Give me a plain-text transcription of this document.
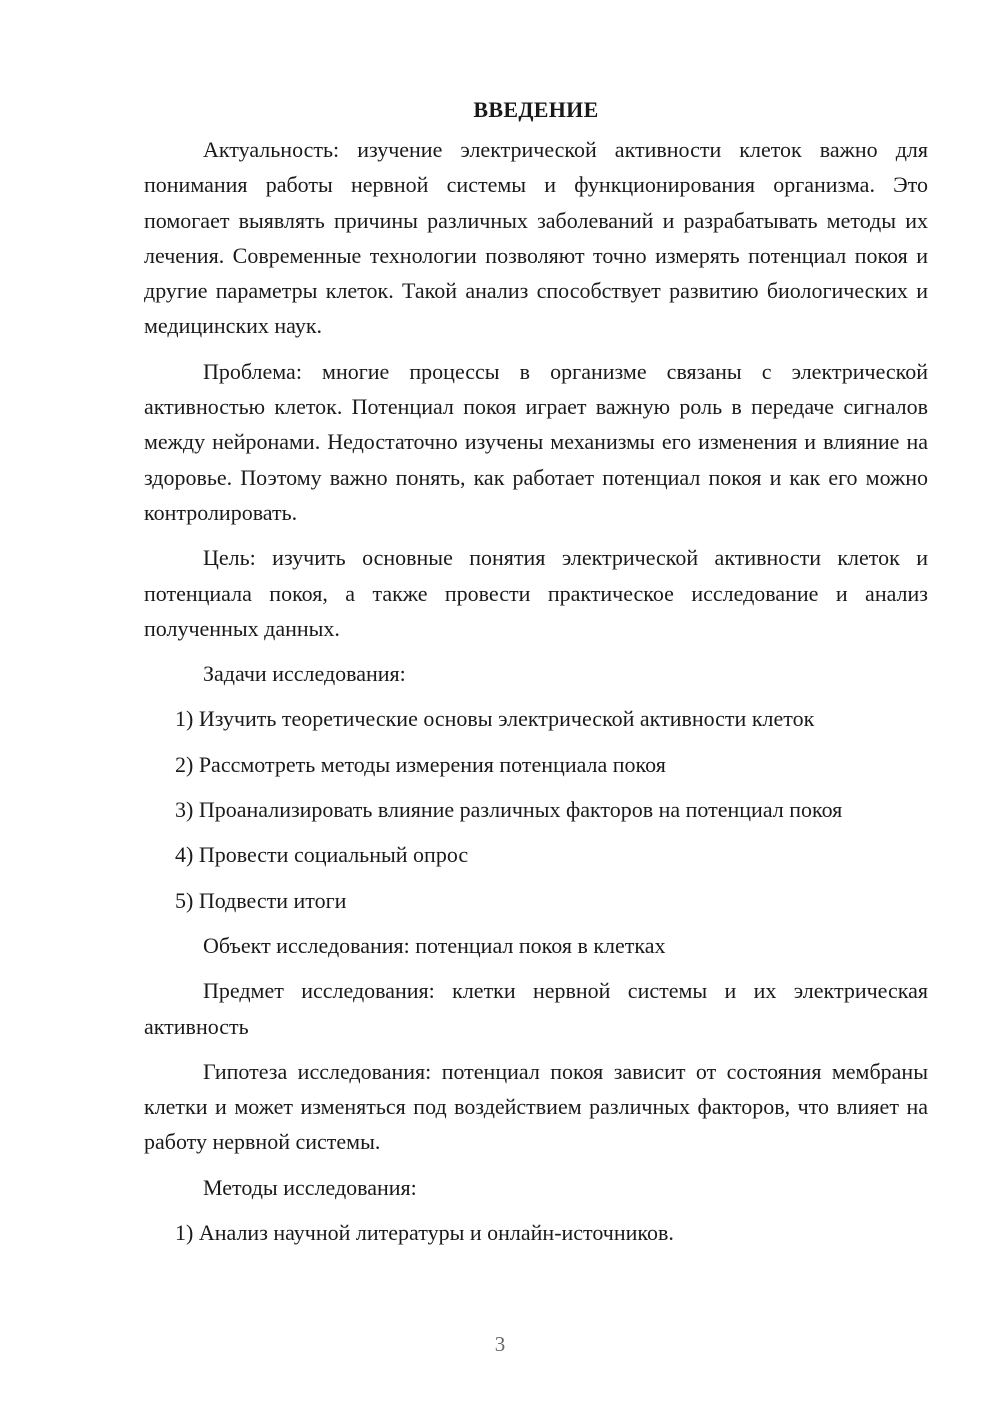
ВВЕДЕНИЕ

Актуальность: изучение электрической активности клеток важно для понимания работы нервной системы и функционирования организма. Это помогает выявлять причины различных заболеваний и разрабатывать методы их лечения. Современные технологии позволяют точно измерять потенциал покоя и другие параметры клеток. Такой анализ способствует развитию биологических и медицинских наук.

Проблема: многие процессы в организме связаны с электрической активностью клеток. Потенциал покоя играет важную роль в передаче сигналов между нейронами. Недостаточно изучены механизмы его изменения и влияние на здоровье. Поэтому важно понять, как работает потенциал покоя и как его можно контролировать.

Цель: изучить основные понятия электрической активности клеток и потенциала покоя, а также провести практическое исследование и анализ полученных данных.

Задачи исследования:

1) Изучить теоретические основы электрической активности клеток

2) Рассмотреть методы измерения потенциала покоя

3) Проанализировать влияние различных факторов на потенциал покоя

4) Провести социальный опрос

5) Подвести итоги

Объект исследования: потенциал покоя в клетках

Предмет исследования: клетки нервной системы и их электрическая активность

Гипотеза исследования: потенциал покоя зависит от состояния мембраны клетки и может изменяться под воздействием различных факторов, что влияет на работу нервной системы.

Методы исследования:

1) Анализ научной литературы и онлайн-источников.

3
